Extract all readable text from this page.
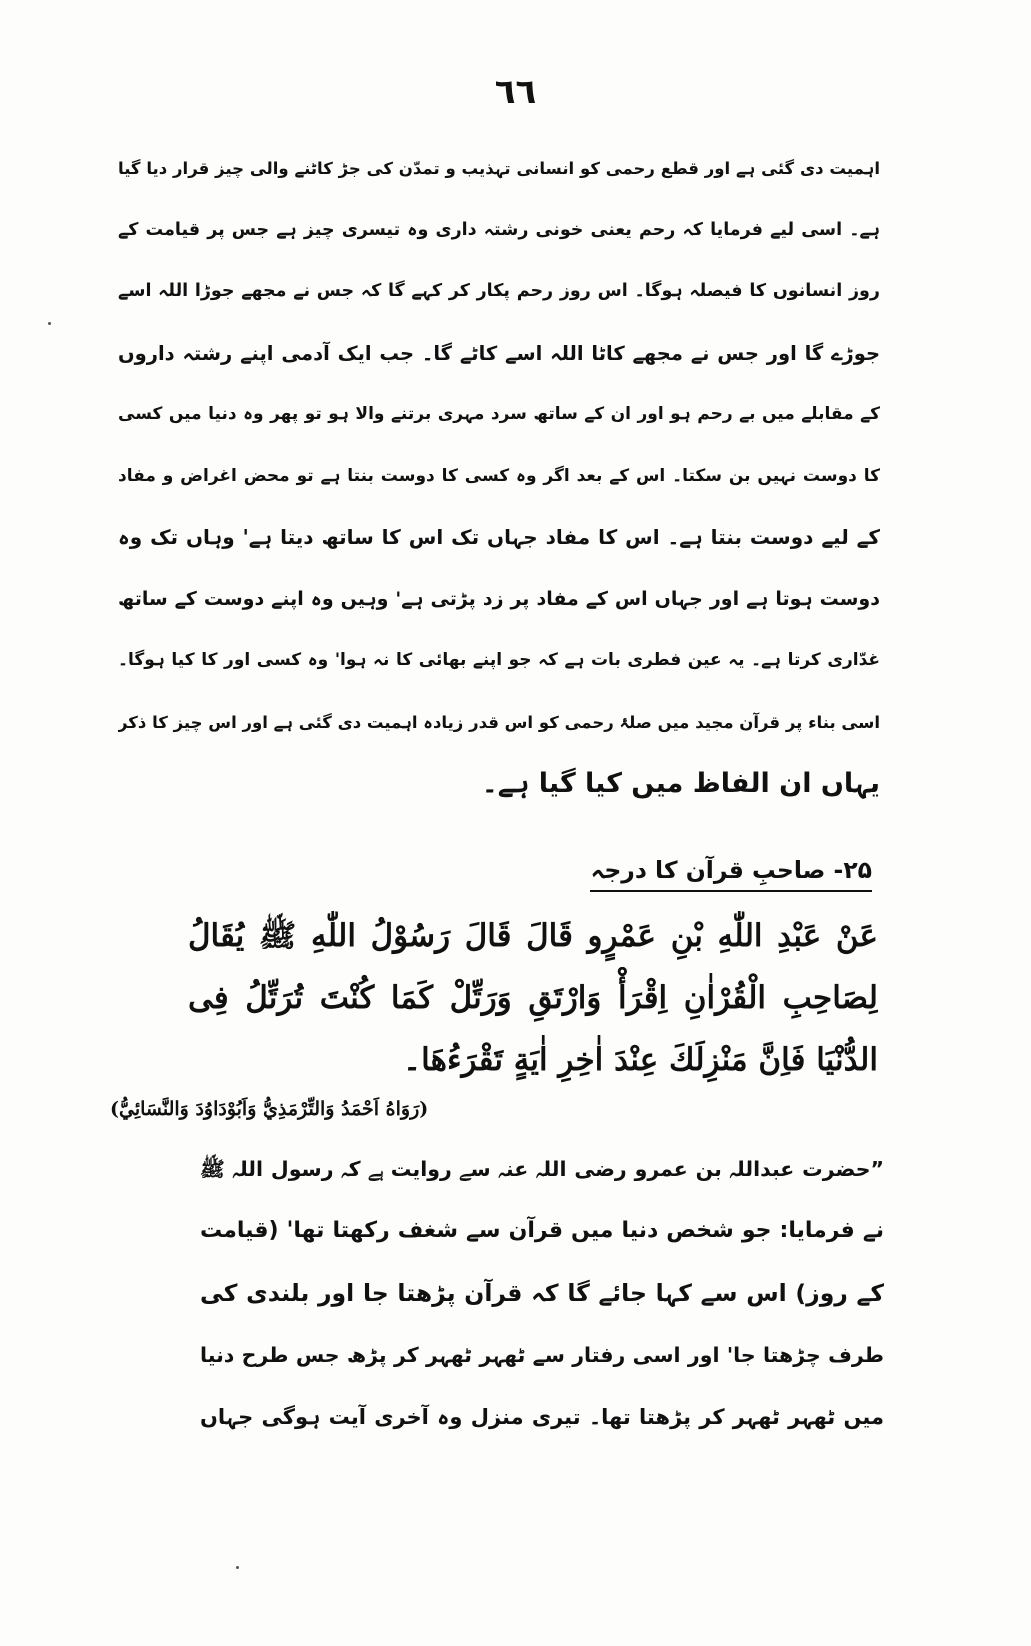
٦٦
اہمیت دی گئی ہے اور قطع رحمی کو انسانی تہذیب و تمدّن کی جڑ کاٹنے والی چیز قرار دیا گیا
ہے۔ اسی لیے فرمایا کہ رحم یعنی خونی رشتہ داری وہ تیسری چیز ہے جس پر قیامت کے
روز انسانوں کا فیصلہ ہوگا۔ اس روز رحم پکار کر کہے گا کہ جس نے مجھے جوڑا اللہ اسے
جوڑے گا اور جس نے مجھے کاٹا اللہ اسے کاٹے گا۔ جب ایک آدمی اپنے رشتہ داروں
کے مقابلے میں بے رحم ہو اور ان کے ساتھ سرد مہری برتنے والا ہو تو پھر وہ دنیا میں کسی
کا دوست نہیں بن سکتا۔ اس کے بعد اگر وہ کسی کا دوست بنتا ہے تو محض اغراض و مفاد
کے لیے دوست بنتا ہے۔ اس کا مفاد جہاں تک اس کا ساتھ دیتا ہے' وہاں تک وہ
دوست ہوتا ہے اور جہاں اس کے مفاد پر زد پڑتی ہے' وہیں وہ اپنے دوست کے ساتھ
غدّاری کرتا ہے۔ یہ عین فطری بات ہے کہ جو اپنے بھائی کا نہ ہوا' وہ کسی اور کا کیا ہوگا۔
اسی بناء پر قرآن مجید میں صلۂ رحمی کو اس قدر زیادہ اہمیت دی گئی ہے اور اس چیز کا ذکر
یہاں ان الفاظ میں کیا گیا ہے۔
۲۵- صاحبِ قرآن کا درجہ
عَنْ عَبْدِ اللّٰهِ بْنِ عَمْرٍو قَالَ قَالَ رَسُوْلُ اللّٰهِ ﷺ يُقَالُ
لِصَاحِبِ الْقُرْاٰنِ اِقْرَأْ وَارْتَقِ وَرَتِّلْ كَمَا كُنْتَ تُرَتِّلُ فِى
الدُّنْيَا فَاِنَّ مَنْزِلَكَ عِنْدَ اٰخِرِ اٰيَةٍ تَقْرَءُهَا۔
(رَوَاهُ اَحْمَدُ وَالتِّرْمَذِيُّ وَاَبُوْدَاوُدَ وَالنَّسَائِيُّ)
”حضرت عبداللہ بن عمرو رضی اللہ عنہ سے روایت ہے کہ رسول اللہ ﷺ
نے فرمایا: جو شخص دنیا میں قرآن سے شغف رکھتا تھا' (قیامت
کے روز) اس سے کہا جائے گا کہ قرآن پڑھتا جا اور بلندی کی
طرف چڑھتا جا' اور اسی رفتار سے ٹھہر ٹھہر کر پڑھ جس طرح دنیا
میں ٹھہر ٹھہر کر پڑھتا تھا۔ تیری منزل وہ آخری آیت ہوگی جہاں
